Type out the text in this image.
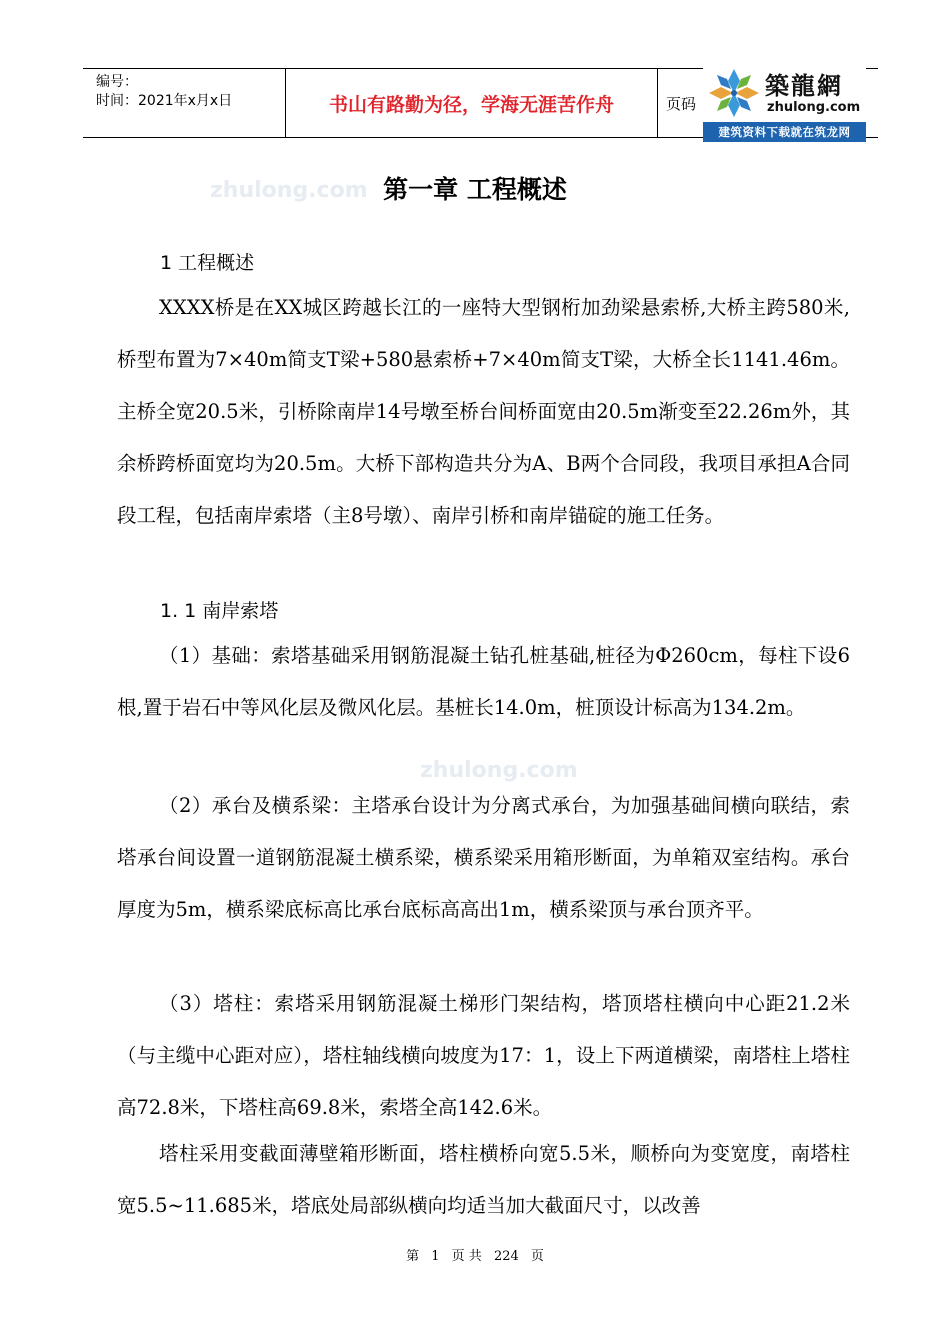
编号：
时间：2021年x月x日	书山有路勤为径，学海无涯苦作舟	页码
築龍網
zhulong.com
建筑资料下载就在筑龙网
zhulong.com
zhulong.com
第一章 工程概述
1 工程概述
XXXX桥是在XX城区跨越长江的一座特大型钢桁加劲梁悬索桥,大桥主跨580米,桥型布置为7×40m简支T梁+580悬索桥+7×40m简支T梁，大桥全长1141.46m。主桥全宽20.5米，引桥除南岸14号墩至桥台间桥面宽由20.5m渐变至22.26m外，其余桥跨桥面宽均为20.5m。大桥下部构造共分为A、B两个合同段，我项目承担A合同段工程，包括南岸索塔（主8号墩）、南岸引桥和南岸锚碇的施工任务。
1. 1 南岸索塔
（1）基础：索塔基础采用钢筋混凝土钻孔桩基础,桩径为Φ260cm，每柱下设6根,置于岩石中等风化层及微风化层。基桩长14.0m，桩顶设计标高为134.2m。
（2）承台及横系梁：主塔承台设计为分离式承台，为加强基础间横向联结，索塔承台间设置一道钢筋混凝土横系梁，横系梁采用箱形断面，为单箱双室结构。承台厚度为5m，横系梁底标高比承台底标高高出1m，横系梁顶与承台顶齐平。
（3）塔柱：索塔采用钢筋混凝土梯形门架结构，塔顶塔柱横向中心距21.2米（与主缆中心距对应），塔柱轴线横向坡度为17：1，设上下两道横梁，南塔柱上塔柱高72.8米，下塔柱高69.8米，索塔全高142.6米。
塔柱采用变截面薄壁箱形断面，塔柱横桥向宽5.5米，顺桥向为变宽度，南塔柱宽5.5~11.685米，塔底处局部纵横向均适当加大截面尺寸，以改善
第 1 页 共 224 页
